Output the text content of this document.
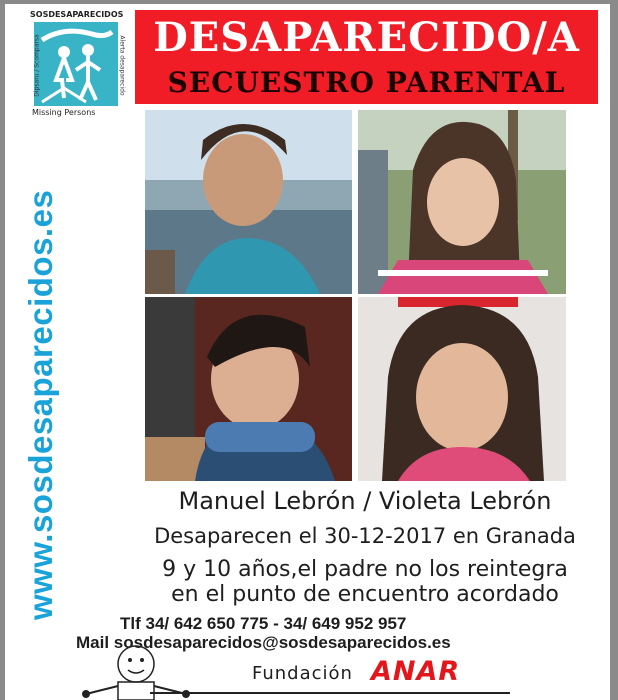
SOSDESAPARECIDOS
Missing Persons
Dipsaru / Scomparsa	Alerta desaparecido DESAPARECIDO/A
SECUESTRO PARENTAL
www.sosdesaparecidos.es	Manuel Lebrón / Violeta Lebrón
Desaparecen el 30-12-2017 en Granada
9 y 10 años,el padre no los reintegra
en el punto de encuentro acordado
Tlf 34/ 642 650 775 - 34/ 649 952 957
Mail sosdesaparecidos@sosdesaparecidos.es
Fundación ANAR
